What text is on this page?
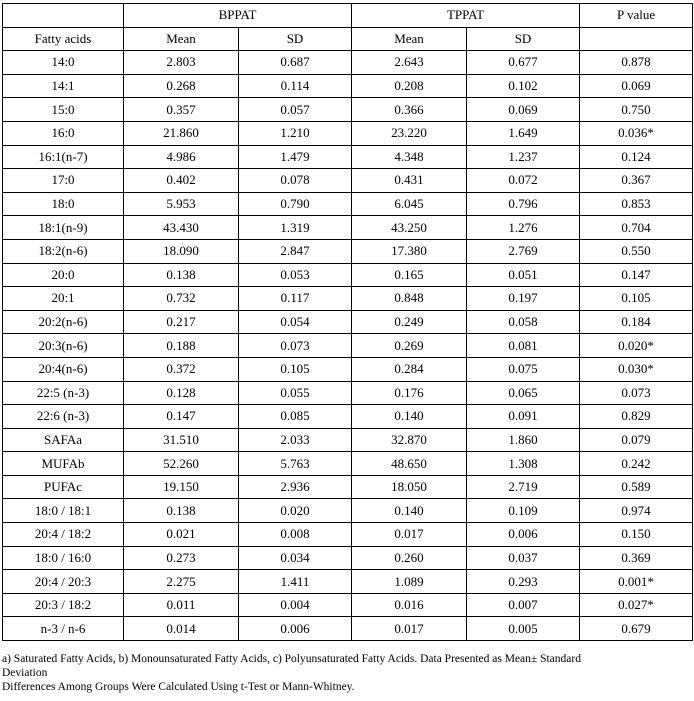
	BPPAT		TPPAT		P value
Fatty acids	Mean	SD	Mean	SD	
14:0	2.803	0.687	2.643	0.677	0.878
14:1	0.268	0.114	0.208	0.102	0.069
15:0	0.357	0.057	0.366	0.069	0.750
16:0	21.860	1.210	23.220	1.649	0.036*
16:1(n-7)	4.986	1.479	4.348	1.237	0.124
17:0	0.402	0.078	0.431	0.072	0.367
18:0	5.953	0.790	6.045	0.796	0.853
18:1(n-9)	43.430	1.319	43.250	1.276	0.704
18:2(n-6)	18.090	2.847	17.380	2.769	0.550
20:0	0.138	0.053	0.165	0.051	0.147
20:1	0.732	0.117	0.848	0.197	0.105
20:2(n-6)	0.217	0.054	0.249	0.058	0.184
20:3(n-6)	0.188	0.073	0.269	0.081	0.020*
20:4(n-6)	0.372	0.105	0.284	0.075	0.030*
22:5 (n-3)	0.128	0.055	0.176	0.065	0.073
22:6 (n-3)	0.147	0.085	0.140	0.091	0.829
SAFAa	31.510	2.033	32.870	1.860	0.079
MUFAb	52.260	5.763	48.650	1.308	0.242
PUFAc	19.150	2.936	18.050	2.719	0.589
18:0 / 18:1	0.138	0.020	0.140	0.109	0.974
20:4 / 18:2	0.021	0.008	0.017	0.006	0.150
18:0 / 16:0	0.273	0.034	0.260	0.037	0.369
20:4 / 20:3	2.275	1.411	1.089	0.293	0.001*
20:3 / 18:2	0.011	0.004	0.016	0.007	0.027*
n-3 / n-6	0.014	0.006	0.017	0.005	0.679
a) Saturated Fatty Acids, b) Monounsaturated Fatty Acids, c) Polyunsaturated Fatty Acids. Data Presented as Mean± Standard
Deviation
Differences Among Groups Were Calculated Using t-Test or Mann-Whitney.
